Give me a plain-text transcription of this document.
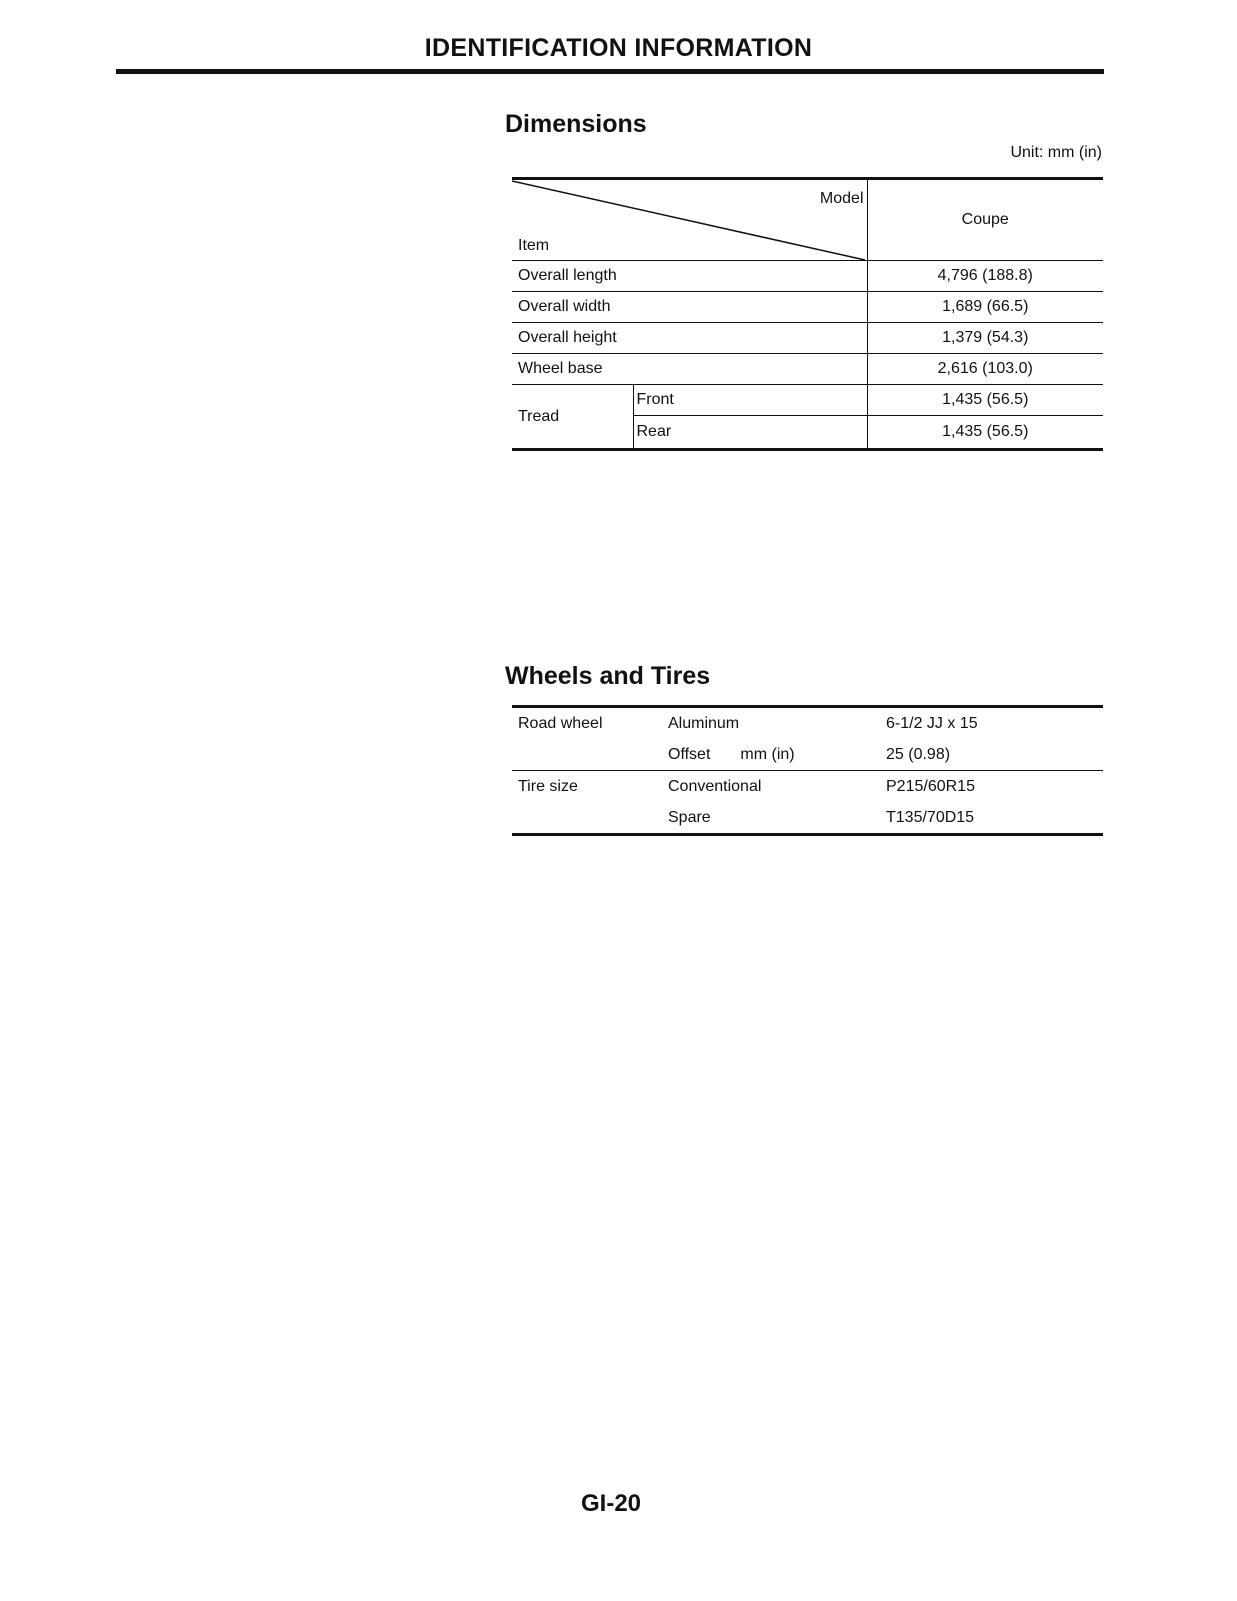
IDENTIFICATION INFORMATION
Dimensions
Unit: mm (in)
Model
Item		Coupe
Overall length		4,796 (188.8)
Overall width		1,689 (66.5)
Overall height		1,379 (54.3)
Wheel base		2,616 (103.0)
Tread	Front	1,435 (56.5)
	Rear	1,435 (56.5)
Wheels and Tires
Road wheel	Aluminum	6-1/2 JJ x 15
	Offset mm (in)	25 (0.98)
Tire size	Conventional	P215/60R15
	Spare	T135/70D15
GI-20
